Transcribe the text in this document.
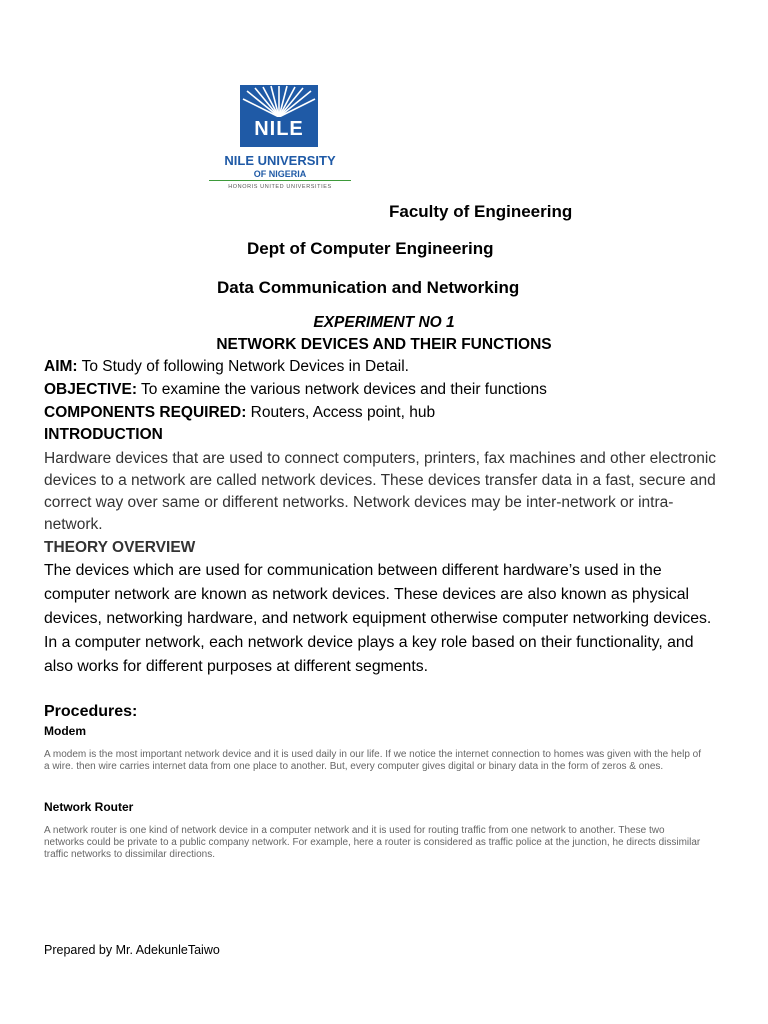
NILE
NILE UNIVERSITY
OF NIGERIA
HONORIS UNITED UNIVERSITIES
Faculty of Engineering
Dept of Computer Engineering
Data Communication and Networking
EXPERIMENT NO 1
NETWORK DEVICES AND THEIR FUNCTIONS
AIM: To Study of following Network Devices in Detail.
OBJECTIVE: To examine the various network devices and their functions
COMPONENTS REQUIRED: Routers, Access point, hub
INTRODUCTION
Hardware devices that are used to connect computers, printers, fax machines and other electronic devices to a network are called network devices. These devices transfer data in a fast, secure and correct way over same or different networks. Network devices may be inter-network or intra-network.
THEORY OVERVIEW
The devices which are used for communication between different hardware’s used in the computer network are known as network devices. These devices are also known as physical devices, networking hardware, and network equipment otherwise computer networking devices. In a computer network, each network device plays a key role based on their functionality, and also works for different purposes at different segments.
Procedures:
Modem
A modem is the most important network device and it is used daily in our life. If we notice the internet connection to homes was given with the help of a wire. then wire carries internet data from one place to another. But, every computer gives digital or binary data in the form of zeros & ones.
Network Router
A network router is one kind of network device in a computer network and it is used for routing traffic from one network to another. These two networks could be private to a public company network. For example, here a router is considered as traffic police at the junction, he directs dissimilar traffic networks to dissimilar directions.
Prepared by Mr. AdekunleTaiwo
